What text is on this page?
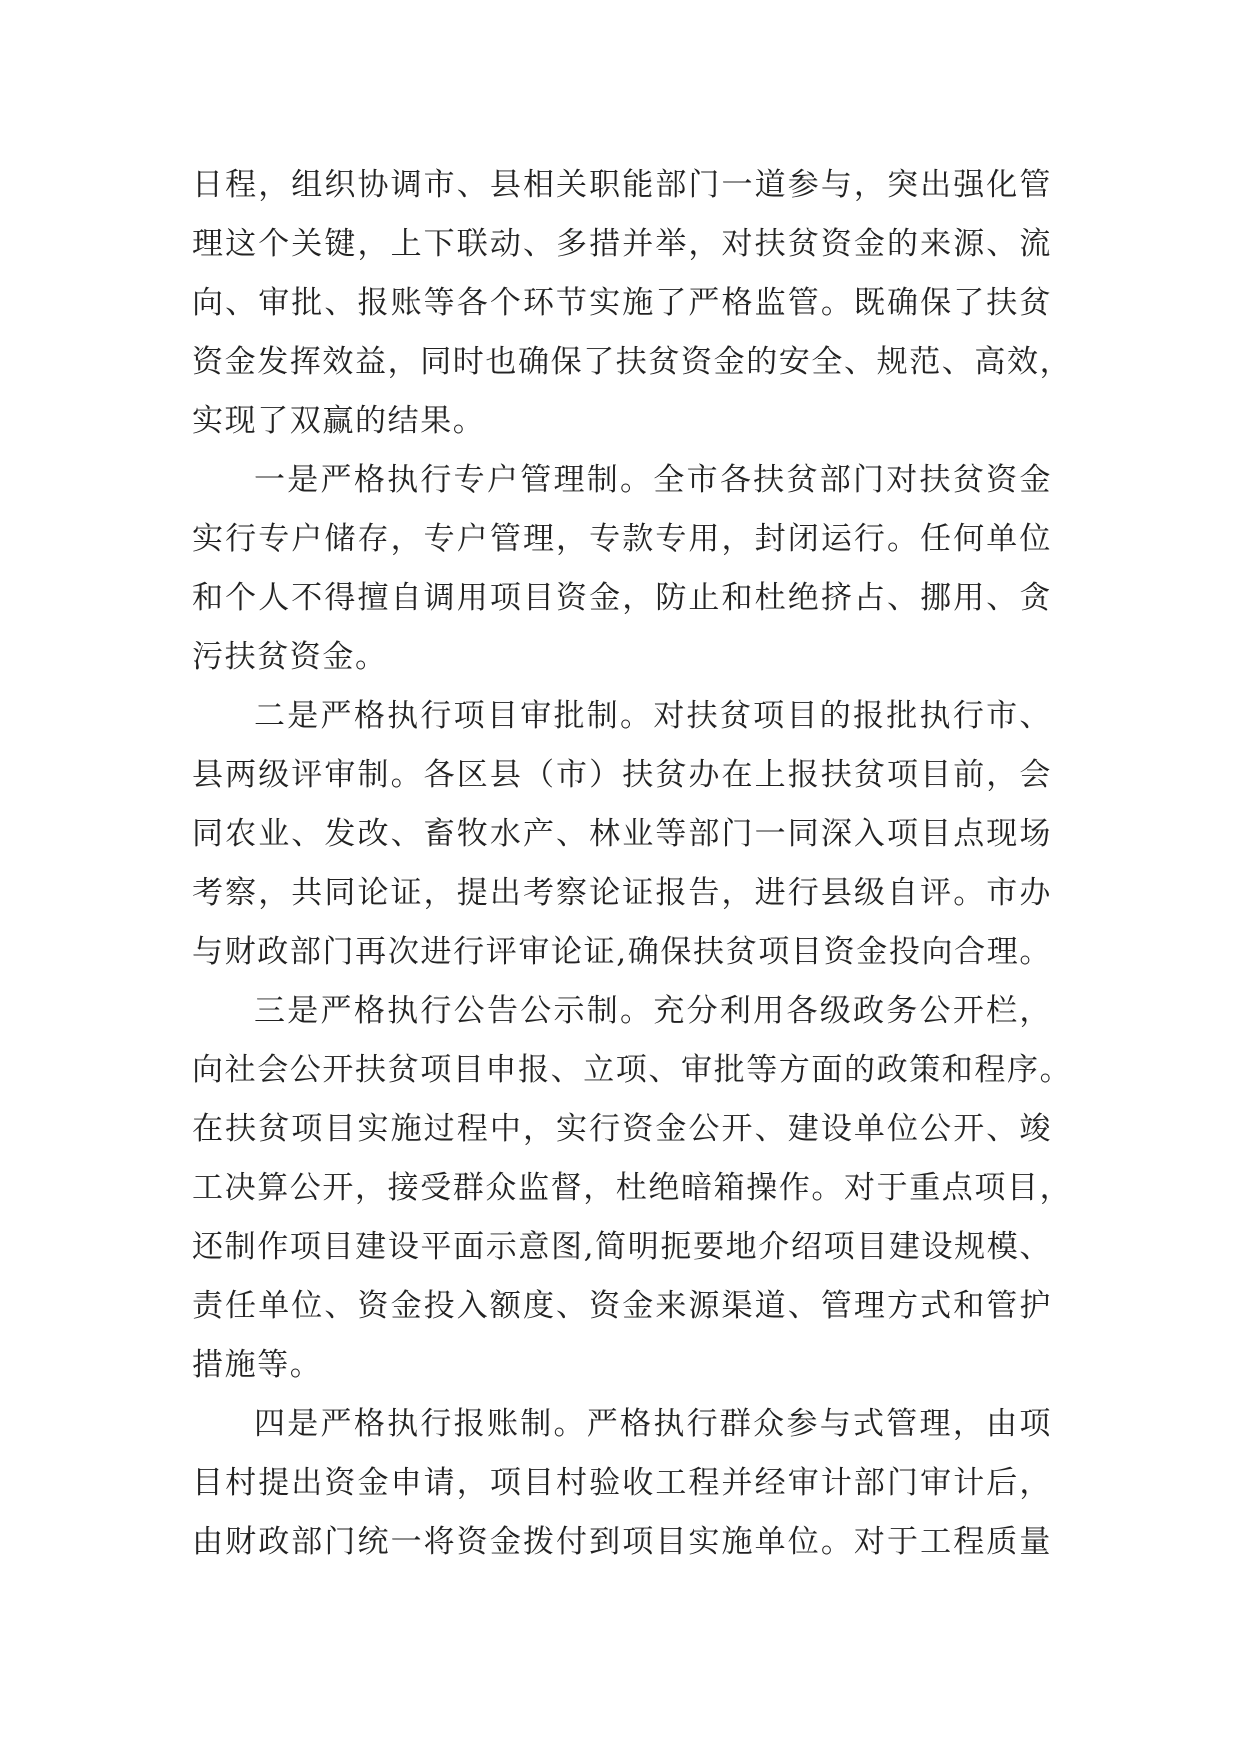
日程，组织协调市、县相关职能部门一道参与，突出强化管
理这个关键，上下联动、多措并举，对扶贫资金的来源、流
向、审批、报账等各个环节实施了严格监管。既确保了扶贫
资金发挥效益，同时也确保了扶贫资金的安全、规范、高效，
实现了双赢的结果。
一是严格执行专户管理制。全市各扶贫部门对扶贫资金
实行专户储存，专户管理，专款专用，封闭运行。任何单位
和个人不得擅自调用项目资金，防止和杜绝挤占、挪用、贪
污扶贫资金。
二是严格执行项目审批制。对扶贫项目的报批执行市、
县两级评审制。各区县（市）扶贫办在上报扶贫项目前，会
同农业、发改、畜牧水产、林业等部门一同深入项目点现场
考察，共同论证，提出考察论证报告，进行县级自评。市办
与财政部门再次进行评审论证,确保扶贫项目资金投向合理。
三是严格执行公告公示制。充分利用各级政务公开栏，
向社会公开扶贫项目申报、立项、审批等方面的政策和程序。
在扶贫项目实施过程中，实行资金公开、建设单位公开、竣
工决算公开，接受群众监督，杜绝暗箱操作。对于重点项目，
还制作项目建设平面示意图,简明扼要地介绍项目建设规模、
责任单位、资金投入额度、资金来源渠道、管理方式和管护
措施等。
四是严格执行报账制。严格执行群众参与式管理，由项
目村提出资金申请，项目村验收工程并经审计部门审计后，
由财政部门统一将资金拨付到项目实施单位。对于工程质量
